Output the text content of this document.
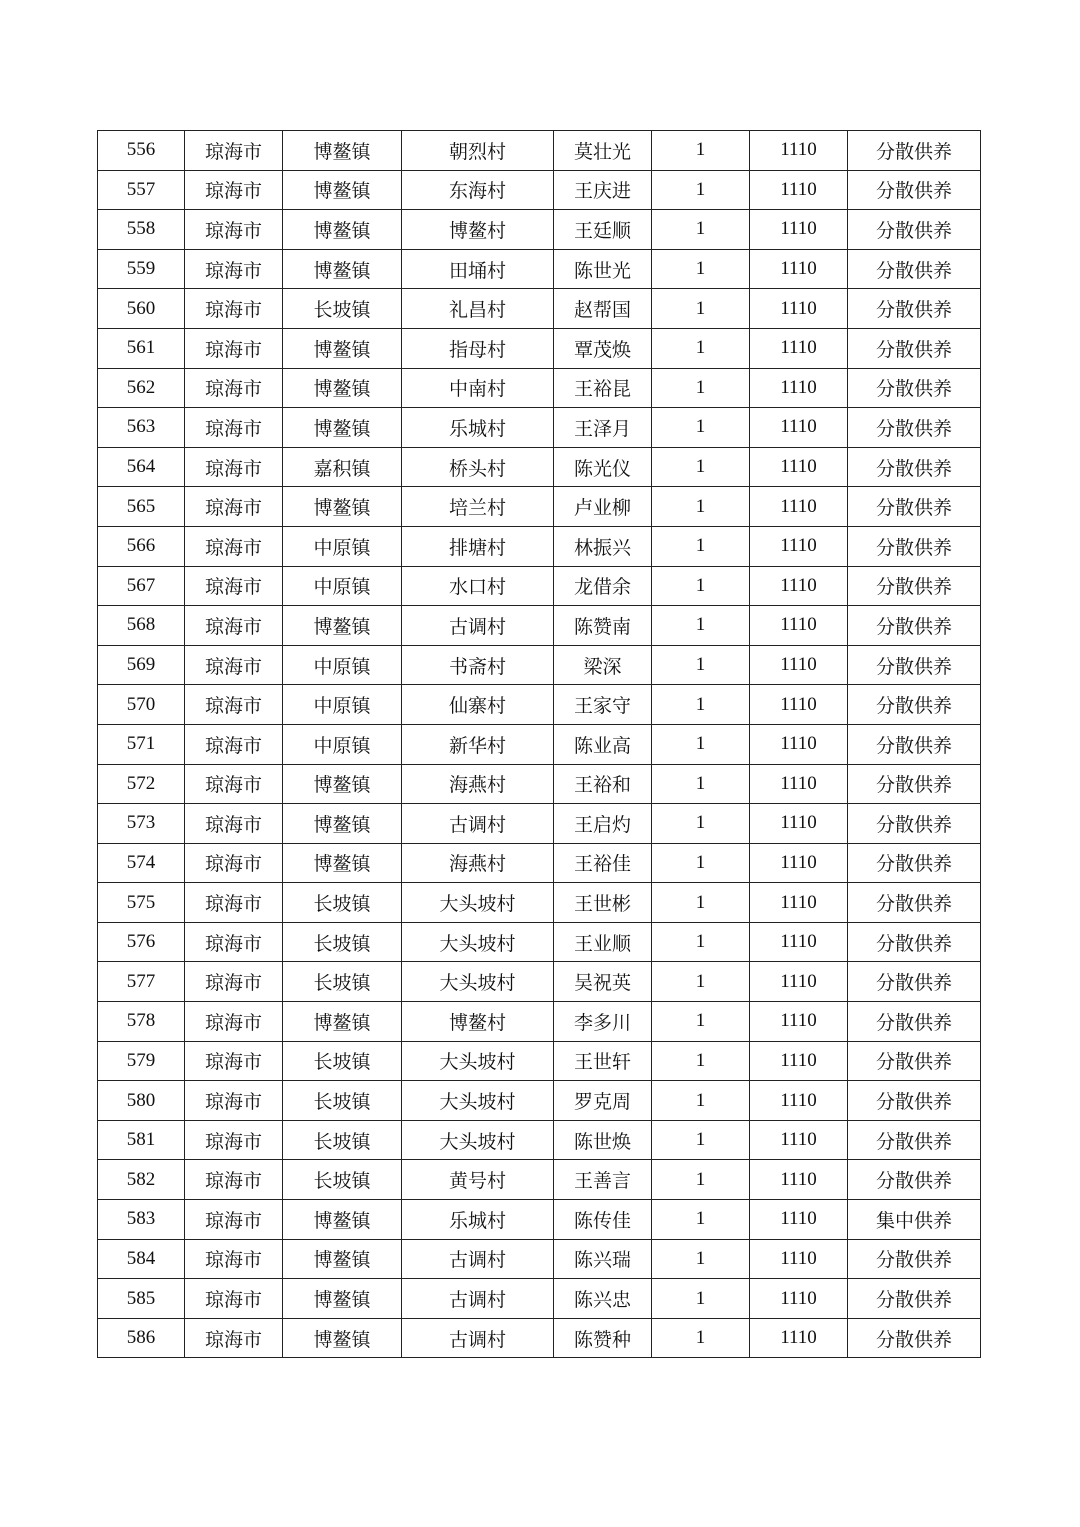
556	琼海市	博鳌镇	朝烈村	莫壮光	1	1110	分散供养
557	琼海市	博鳌镇	东海村	王庆进	1	1110	分散供养
558	琼海市	博鳌镇	博鳌村	王廷顺	1	1110	分散供养
559	琼海市	博鳌镇	田埇村	陈世光	1	1110	分散供养
560	琼海市	长坡镇	礼昌村	赵帮国	1	1110	分散供养
561	琼海市	博鳌镇	指母村	覃茂焕	1	1110	分散供养
562	琼海市	博鳌镇	中南村	王裕昆	1	1110	分散供养
563	琼海市	博鳌镇	乐城村	王泽月	1	1110	分散供养
564	琼海市	嘉积镇	桥头村	陈光仪	1	1110	分散供养
565	琼海市	博鳌镇	培兰村	卢业柳	1	1110	分散供养
566	琼海市	中原镇	排塘村	林振兴	1	1110	分散供养
567	琼海市	中原镇	水口村	龙借余	1	1110	分散供养
568	琼海市	博鳌镇	古调村	陈赞南	1	1110	分散供养
569	琼海市	中原镇	书斋村	梁深	1	1110	分散供养
570	琼海市	中原镇	仙寨村	王家守	1	1110	分散供养
571	琼海市	中原镇	新华村	陈业高	1	1110	分散供养
572	琼海市	博鳌镇	海燕村	王裕和	1	1110	分散供养
573	琼海市	博鳌镇	古调村	王启灼	1	1110	分散供养
574	琼海市	博鳌镇	海燕村	王裕佳	1	1110	分散供养
575	琼海市	长坡镇	大头坡村	王世彬	1	1110	分散供养
576	琼海市	长坡镇	大头坡村	王业顺	1	1110	分散供养
577	琼海市	长坡镇	大头坡村	吴祝英	1	1110	分散供养
578	琼海市	博鳌镇	博鳌村	李多川	1	1110	分散供养
579	琼海市	长坡镇	大头坡村	王世轩	1	1110	分散供养
580	琼海市	长坡镇	大头坡村	罗克周	1	1110	分散供养
581	琼海市	长坡镇	大头坡村	陈世焕	1	1110	分散供养
582	琼海市	长坡镇	黄号村	王善言	1	1110	分散供养
583	琼海市	博鳌镇	乐城村	陈传佳	1	1110	集中供养
584	琼海市	博鳌镇	古调村	陈兴瑞	1	1110	分散供养
585	琼海市	博鳌镇	古调村	陈兴忠	1	1110	分散供养
586	琼海市	博鳌镇	古调村	陈赞种	1	1110	分散供养
